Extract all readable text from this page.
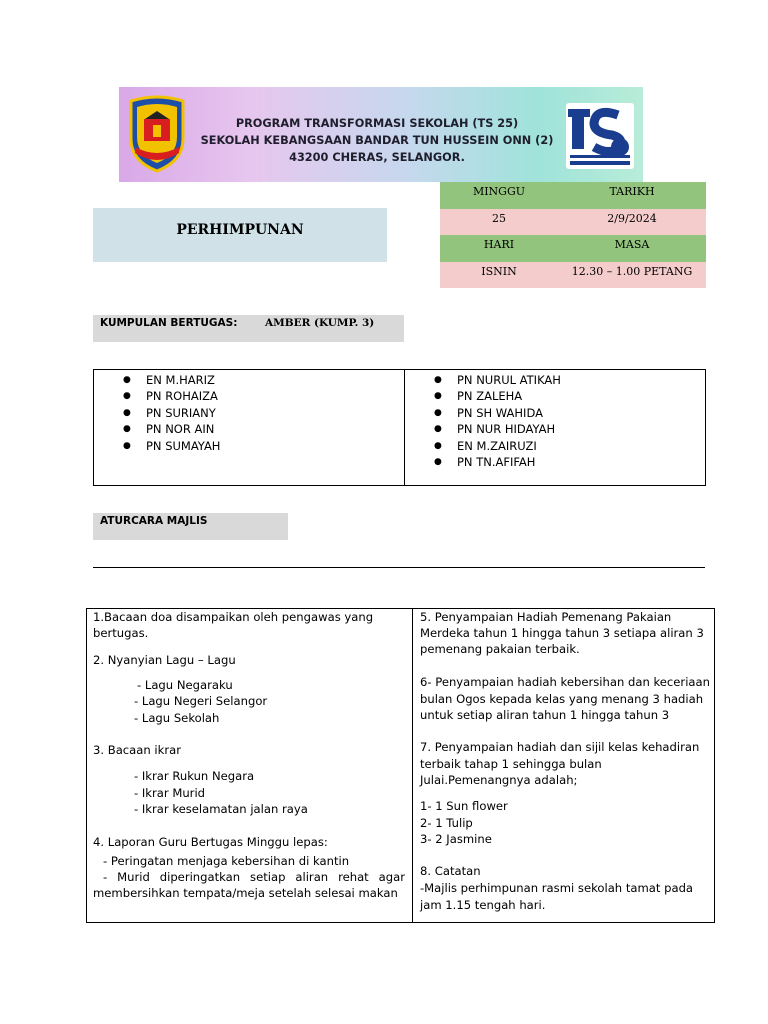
PROGRAM TRANSFORMASI SEKOLAH (TS 25)
SEKOLAH KEBANGSAAN BANDAR TUN HUSSEIN ONN (2)
43200 CHERAS, SELANGOR.
PERHIMPUNAN
MINGGU	TARIKH
25	2/9/2024
HARI	MASA
ISNIN	12.30 – 1.00 PETANG
KUMPULAN BERTUGAS:	AMBER (KUMP. 3)
● EN M.HARIZ
● PN ROHAIZA
● PN SURIANY
● PN NOR AIN
● PN SUMAYAH
● PN NURUL ATIKAH
● PN ZALEHA
● PN SH WAHIDA
● PN NUR HIDAYAH
● EN M.ZAIRUZI
● PN TN.AFIFAH
ATURCARA MAJLIS
1.Bacaan doa disampaikan oleh pengawas yang
bertugas.
2. Nyanyian Lagu – Lagu
- Lagu Negaraku
- Lagu Negeri Selangor
- Lagu Sekolah
3. Bacaan ikrar
- Ikrar Rukun Negara
- Ikrar Murid
- Ikrar keselamatan jalan raya
4. Laporan Guru Bertugas Minggu lepas:
- Peringatan menjaga kebersihan di kantin
- Murid diperingatkan setiap aliran rehat agar
membersihkan tempata/meja setelah selesai makan
5. Penyampaian Hadiah Pemenang Pakaian
Merdeka tahun 1 hingga tahun 3 setiapa aliran 3
pemenang pakaian terbaik.
6- Penyampaian hadiah kebersihan dan keceriaan
bulan Ogos kepada kelas yang menang 3 hadiah
untuk setiap aliran tahun 1 hingga tahun 3
7. Penyampaian hadiah dan sijil kelas kehadiran
terbaik tahap 1 sehingga bulan
Julai.Pemenangnya adalah;
1- 1 Sun flower
2- 1 Tulip
3- 2 Jasmine
8. Catatan
-Majlis perhimpunan rasmi sekolah tamat pada
jam 1.15 tengah hari.
